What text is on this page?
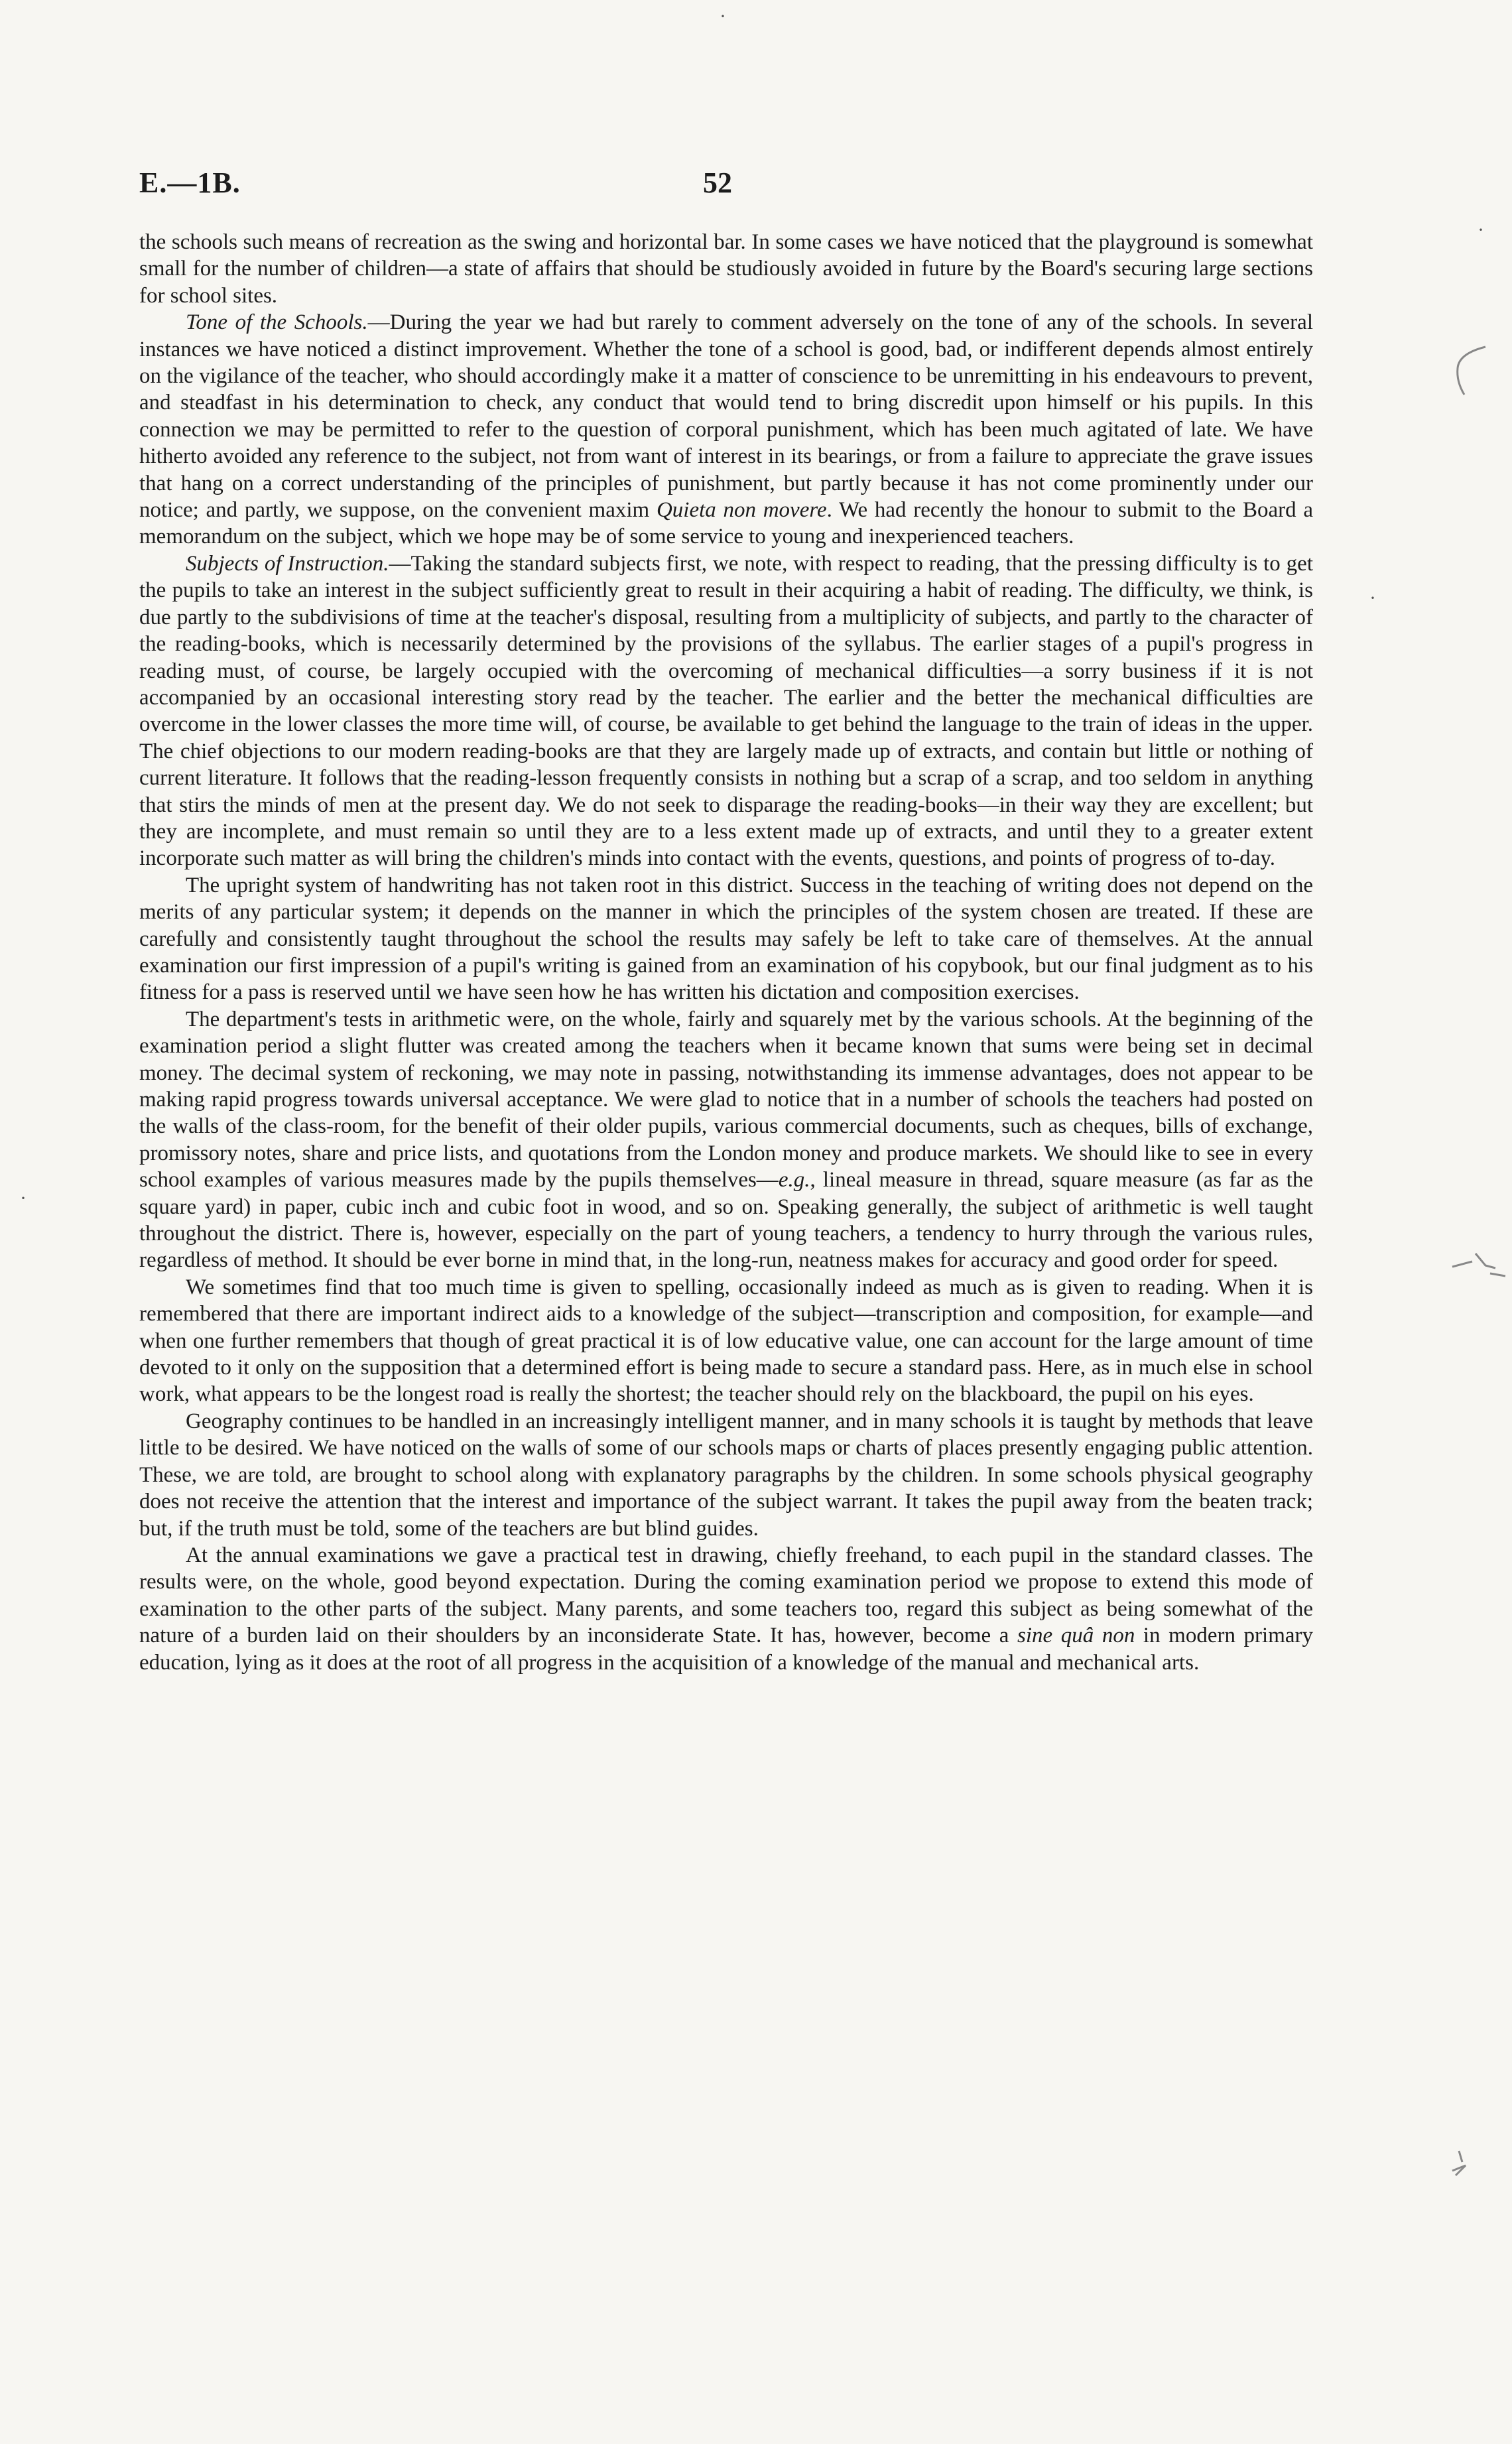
E.—1B.	52

the schools such means of recreation as the swing and horizontal bar. In some cases we have noticed that the playground is somewhat small for the number of children—a state of affairs that should be studiously avoided in future by the Board's securing large sections for school sites.

Tone of the Schools.—During the year we had but rarely to comment adversely on the tone of any of the schools. In several instances we have noticed a distinct improvement. Whether the tone of a school is good, bad, or indifferent depends almost entirely on the vigilance of the teacher, who should accordingly make it a matter of conscience to be unremitting in his endeavours to prevent, and steadfast in his determination to check, any conduct that would tend to bring discredit upon himself or his pupils. In this connection we may be permitted to refer to the question of corporal punishment, which has been much agitated of late. We have hitherto avoided any reference to the subject, not from want of interest in its bearings, or from a failure to appreciate the grave issues that hang on a correct understanding of the principles of punishment, but partly because it has not come prominently under our notice; and partly, we suppose, on the convenient maxim Quieta non movere. We had recently the honour to submit to the Board a memorandum on the subject, which we hope may be of some service to young and inexperienced teachers.

Subjects of Instruction.—Taking the standard subjects first, we note, with respect to reading, that the pressing difficulty is to get the pupils to take an interest in the subject sufficiently great to result in their acquiring a habit of reading. The difficulty, we think, is due partly to the subdivisions of time at the teacher's disposal, resulting from a multiplicity of subjects, and partly to the character of the reading-books, which is necessarily determined by the provisions of the syllabus. The earlier stages of a pupil's progress in reading must, of course, be largely occupied with the overcoming of mechanical difficulties—a sorry business if it is not accompanied by an occasional interesting story read by the teacher. The earlier and the better the mechanical difficulties are overcome in the lower classes the more time will, of course, be available to get behind the language to the train of ideas in the upper. The chief objections to our modern reading-books are that they are largely made up of extracts, and contain but little or nothing of current literature. It follows that the reading-lesson frequently consists in nothing but a scrap of a scrap, and too seldom in anything that stirs the minds of men at the present day. We do not seek to disparage the reading-books—in their way they are excellent; but they are incomplete, and must remain so until they are to a less extent made up of extracts, and until they to a greater extent incorporate such matter as will bring the children's minds into contact with the events, questions, and points of progress of to-day.

The upright system of handwriting has not taken root in this district. Success in the teaching of writing does not depend on the merits of any particular system; it depends on the manner in which the principles of the system chosen are treated. If these are carefully and consistently taught throughout the school the results may safely be left to take care of themselves. At the annual examination our first impression of a pupil's writing is gained from an examination of his copybook, but our final judgment as to his fitness for a pass is reserved until we have seen how he has written his dictation and composition exercises.

The department's tests in arithmetic were, on the whole, fairly and squarely met by the various schools. At the beginning of the examination period a slight flutter was created among the teachers when it became known that sums were being set in decimal money. The decimal system of reckoning, we may note in passing, notwithstanding its immense advantages, does not appear to be making rapid progress towards universal acceptance. We were glad to notice that in a number of schools the teachers had posted on the walls of the class-room, for the benefit of their older pupils, various commercial documents, such as cheques, bills of exchange, promissory notes, share and price lists, and quotations from the London money and produce markets. We should like to see in every school examples of various measures made by the pupils themselves—e.g., lineal measure in thread, square measure (as far as the square yard) in paper, cubic inch and cubic foot in wood, and so on. Speaking generally, the subject of arithmetic is well taught throughout the district. There is, however, especially on the part of young teachers, a tendency to hurry through the various rules, regardless of method. It should be ever borne in mind that, in the long-run, neatness makes for accuracy and good order for speed.

We sometimes find that too much time is given to spelling, occasionally indeed as much as is given to reading. When it is remembered that there are important indirect aids to a knowledge of the subject—transcription and composition, for example—and when one further remembers that though of great practical it is of low educative value, one can account for the large amount of time devoted to it only on the supposition that a determined effort is being made to secure a standard pass. Here, as in much else in school work, what appears to be the longest road is really the shortest; the teacher should rely on the blackboard, the pupil on his eyes.

Geography continues to be handled in an increasingly intelligent manner, and in many schools it is taught by methods that leave little to be desired. We have noticed on the walls of some of our schools maps or charts of places presently engaging public attention. These, we are told, are brought to school along with explanatory paragraphs by the children. In some schools physical geography does not receive the attention that the interest and importance of the subject warrant. It takes the pupil away from the beaten track; but, if the truth must be told, some of the teachers are but blind guides.

At the annual examinations we gave a practical test in drawing, chiefly freehand, to each pupil in the standard classes. The results were, on the whole, good beyond expectation. During the coming examination period we propose to extend this mode of examination to the other parts of the subject. Many parents, and some teachers too, regard this subject as being somewhat of the nature of a burden laid on their shoulders by an inconsiderate State. It has, however, become a sine quâ non in modern primary education, lying as it does at the root of all progress in the acquisition of a knowledge of the manual and mechanical arts.

·
·
·
·
